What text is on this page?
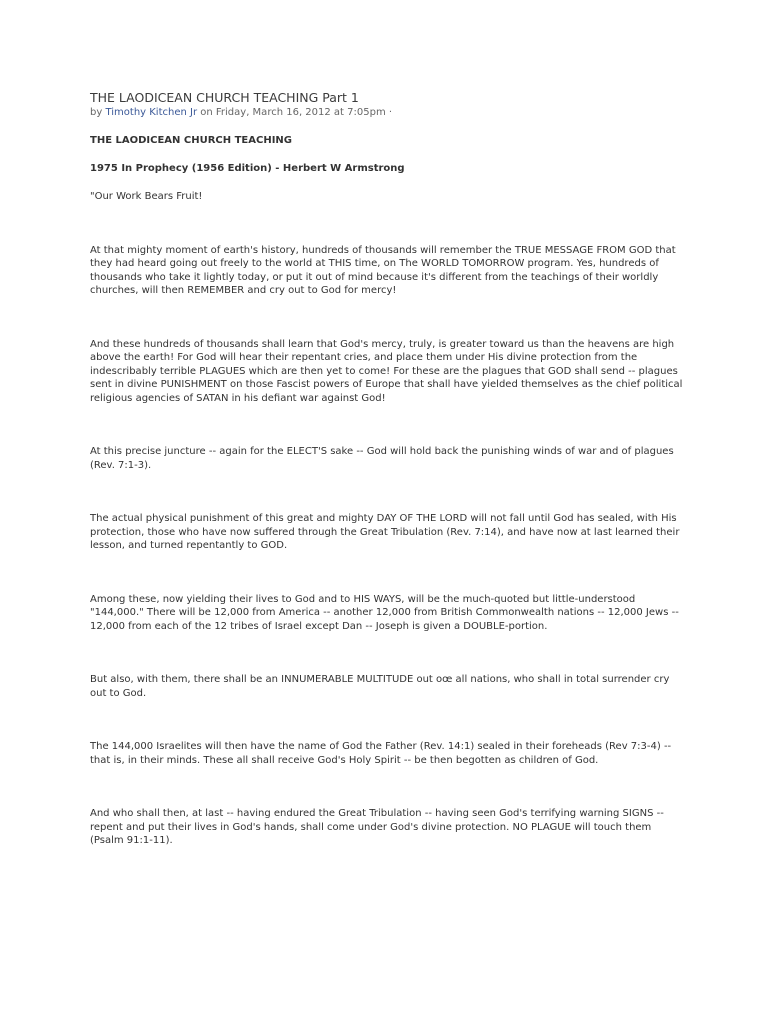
THE LAODICEAN CHURCH TEACHING Part 1
by Timothy Kitchen Jr on Friday, March 16, 2012 at 7:05pm ·
THE LAODICEAN CHURCH TEACHING
1975 In Prophecy (1956 Edition) - Herbert W Armstrong

"Our Work Bears Fruit!

At that mighty moment of earth's history, hundreds of thousands will remember the TRUE MESSAGE FROM GOD that they had heard going out freely to the world at THIS time, on The WORLD TOMORROW program. Yes, hundreds of thousands who take it lightly today, or put it out of mind because it's different from the teachings of their worldly churches, will then REMEMBER and cry out to God for mercy!

And these hundreds of thousands shall learn that God's mercy, truly, is greater toward us than the heavens are high above the earth! For God will hear their repentant cries, and place them under His divine protection from the indescribably terrible PLAGUES which are then yet to come! For these are the plagues that GOD shall send -- plagues sent in divine PUNISHMENT on those Fascist powers of Europe that shall have yielded themselves as the chief political religious agencies of SATAN in his defiant war against God!

At this precise juncture -- again for the ELECT'S sake -- God will hold back the punishing winds of war and of plagues (Rev. 7:1-3).

The actual physical punishment of this great and mighty DAY OF THE LORD will not fall until God has sealed, with His protection, those who have now suffered through the Great Tribulation (Rev. 7:14), and have now at last learned their lesson, and turned repentantly to GOD.

Among these, now yielding their lives to God and to HIS WAYS, will be the much-quoted but little-understood "144,000." There will be 12,000 from America -- another 12,000 from British Commonwealth nations -- 12,000 Jews -- 12,000 from each of the 12 tribes of Israel except Dan -- Joseph is given a DOUBLE-portion.

But also, with them, there shall be an INNUMERABLE MULTITUDE out oœ all nations, who shall in total surrender cry out to God.

The 144,000 Israelites will then have the name of God the Father (Rev. 14:1) sealed in their foreheads (Rev 7:3-4) -- that is, in their minds. These all shall receive God's Holy Spirit -- be then begotten as children of God.

And who shall then, at last -- having endured the Great Tribulation -- having seen God's terrifying warning SIGNS -- repent and put their lives in God's hands, shall come under God's divine protection. NO PLAGUE will touch them (Psalm 91:1-11).
